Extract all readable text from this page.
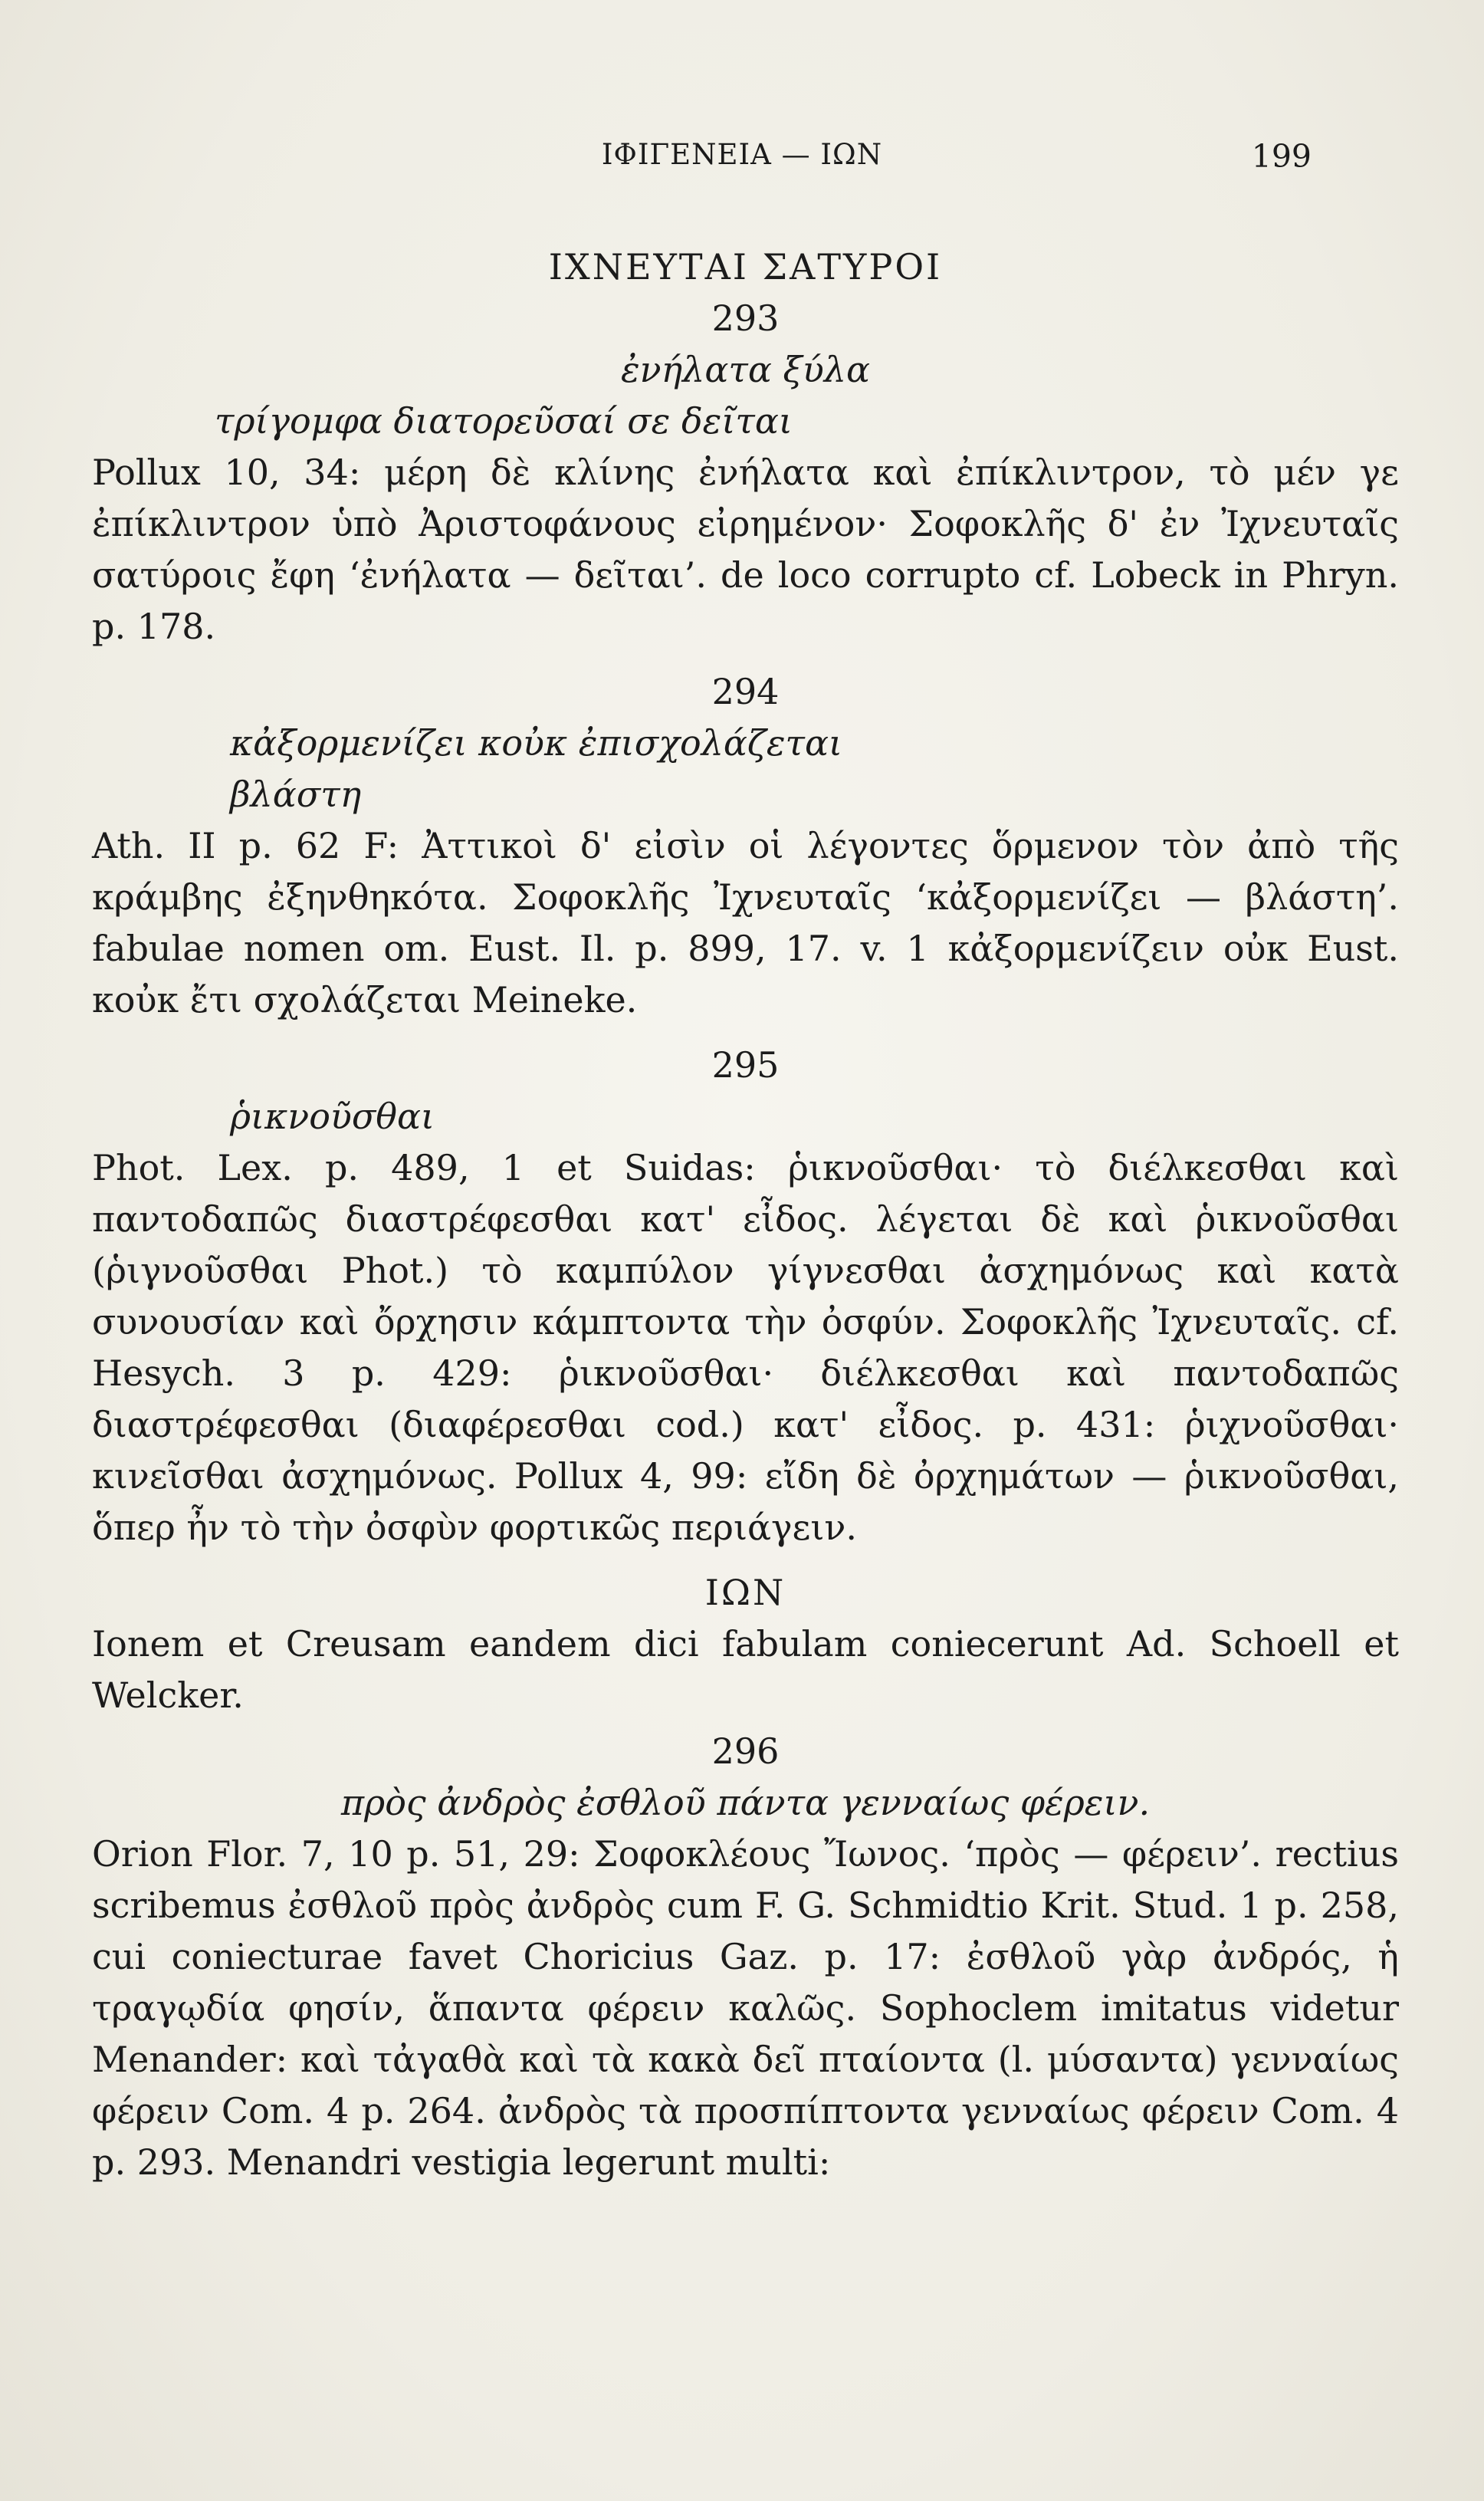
ΙΦΙΓΕΝΕΙΑ — ΙΩΝ	199

ΙΧΝΕΥΤΑΙ ΣΑΤΥΡΟΙ

293

ἐνήλατα ξύλα

τρίγομφα διατορεῦσαί σε δεῖται

Pollux 10, 34: μέρη δὲ κλίνης ἐνήλατα καὶ ἐπίκλιντρον, τὸ μέν γε ἐπίκλιντρον ὑπὸ Ἀριστοφάνους εἰρημένον· Σοφοκλῆς δ' ἐν Ἰχνευταῖς σατύροις ἔφη ‘ἐνήλατα — δεῖται’. de loco corrupto cf. Lobeck in Phryn. p. 178.

294

κἀξορμενίζει κοὐκ ἐπισχολάζεται

βλάστη

Ath. II p. 62 F: Ἀττικοὶ δ' εἰσὶν οἱ λέγοντες ὅρμενον τὸν ἀπὸ τῆς κράμβης ἐξηνθηκότα. Σοφοκλῆς Ἰχνευταῖς ‘κἀξορμενίζει — βλάστη’. fabulae nomen om. Eust. Il. p. 899, 17. v. 1 κἀξορμενίζειν οὐκ Eust. κοὐκ ἔτι σχολάζεται Meineke.

295

ῥικνοῦσθαι

Phot. Lex. p. 489, 1 et Suidas: ῥικνοῦσθαι· τὸ διέλκεσθαι καὶ παντοδαπῶς διαστρέφεσθαι κατ' εἶδος. λέγεται δὲ καὶ ῥικνοῦσθαι (ῥιγνοῦσθαι Phot.) τὸ καμπύλον γίγνεσθαι ἀσχημόνως καὶ κατὰ συνουσίαν καὶ ὄρχησιν κάμπτοντα τὴν ὀσφύν. Σοφοκλῆς Ἰχνευταῖς. cf. Hesych. 3 p. 429: ῥικνοῦσθαι· διέλκεσθαι καὶ παντοδαπῶς διαστρέφεσθαι (διαφέρεσθαι cod.) κατ' εἶδος. p. 431: ῥιχνοῦσθαι· κινεῖσθαι ἀσχημόνως. Pollux 4, 99: εἴδη δὲ ὀρχημάτων — ῥικνοῦσθαι, ὅπερ ἦν τὸ τὴν ὀσφὺν φορτικῶς περιάγειν.

ΙΩΝ

Ionem et Creusam eandem dici fabulam coniecerunt Ad. Schoell et Welcker.

296

πρὸς ἀνδρὸς ἐσθλοῦ πάντα γενναίως φέρειν.

Orion Flor. 7, 10 p. 51, 29: Σοφοκλέους Ἴωνος. ‘πρὸς — φέρειν’. rectius scribemus ἐσθλοῦ πρὸς ἀνδρὸς cum F. G. Schmidtio Krit. Stud. 1 p. 258, cui coniecturae favet Choricius Gaz. p. 17: ἐσθλοῦ γὰρ ἀνδρός, ἡ τραγῳδία φησίν, ἅπαντα φέρειν καλῶς. Sophoclem imitatus videtur Menander: καὶ τἀγαθὰ καὶ τὰ κακὰ δεῖ πταίοντα (l. μύσαντα) γενναίως φέρειν Com. 4 p. 264. ἀνδρὸς τὰ προσπίπτοντα γενναίως φέρειν Com. 4 p. 293. Menandri vestigia legerunt multi:
